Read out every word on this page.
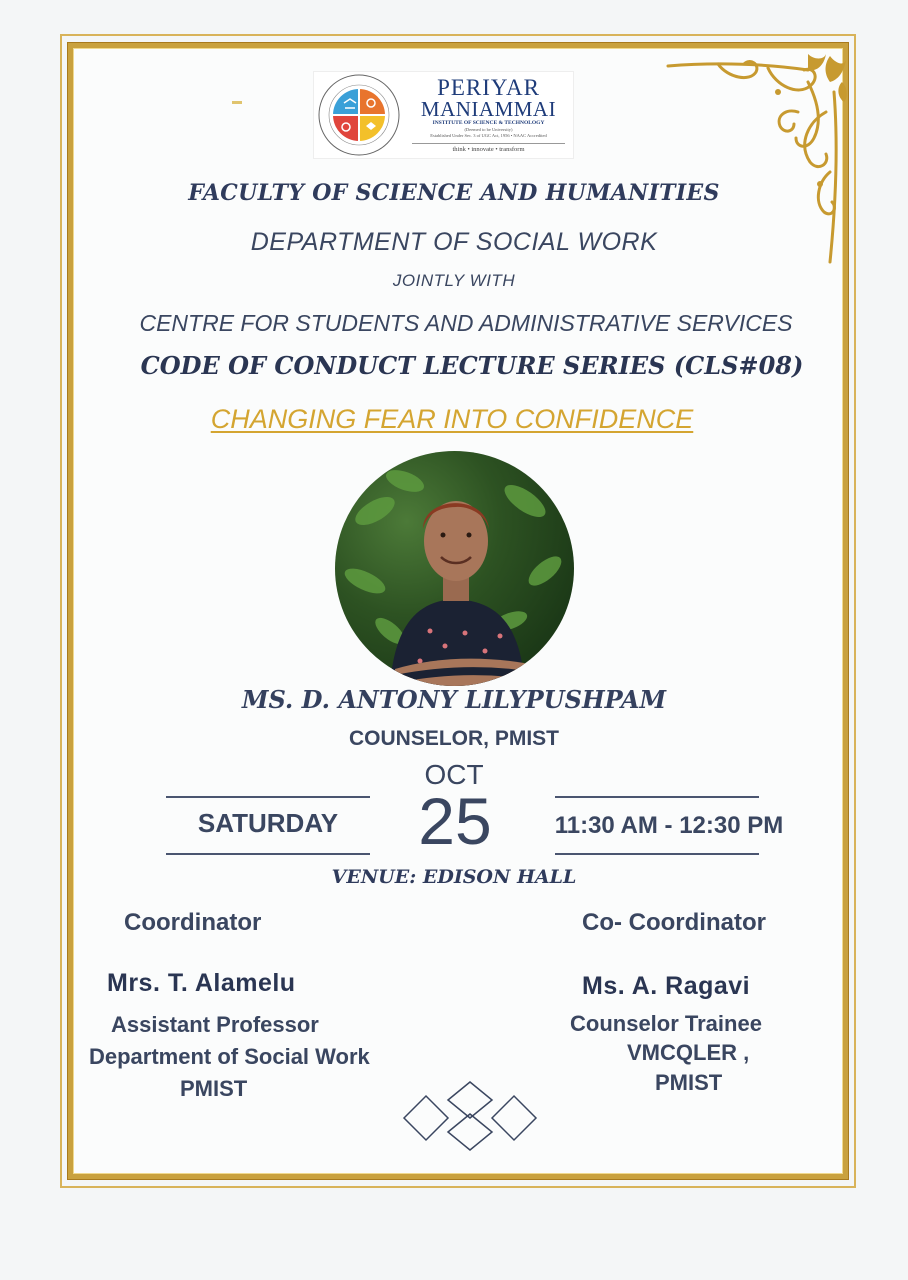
PERIYAR
MANIAMMAI
INSTITUTE OF SCIENCE & TECHNOLOGY
(Deemed to be University)
Established Under Sec. 3 of UGC Act, 1956 • NAAC Accredited
think • innovate • transform
FACULTY OF SCIENCE AND HUMANITIES
DEPARTMENT OF SOCIAL WORK
JOINTLY WITH
CENTRE FOR STUDENTS AND ADMINISTRATIVE SERVICES
CODE OF CONDUCT LECTURE SERIES (CLS#08)
CHANGING FEAR INTO CONFIDENCE
MS. D. ANTONY LILYPUSHPAM
COUNSELOR, PMIST
OCT
25
SATURDAY	11:30 AM - 12:30 PM
VENUE: EDISON HALL
Coordinator
Mrs. T. Alamelu
Assistant Professor
Department of Social Work
PMIST
Co- Coordinator
Ms. A. Ragavi
Counselor Trainee
VMCQLER ,
PMIST
